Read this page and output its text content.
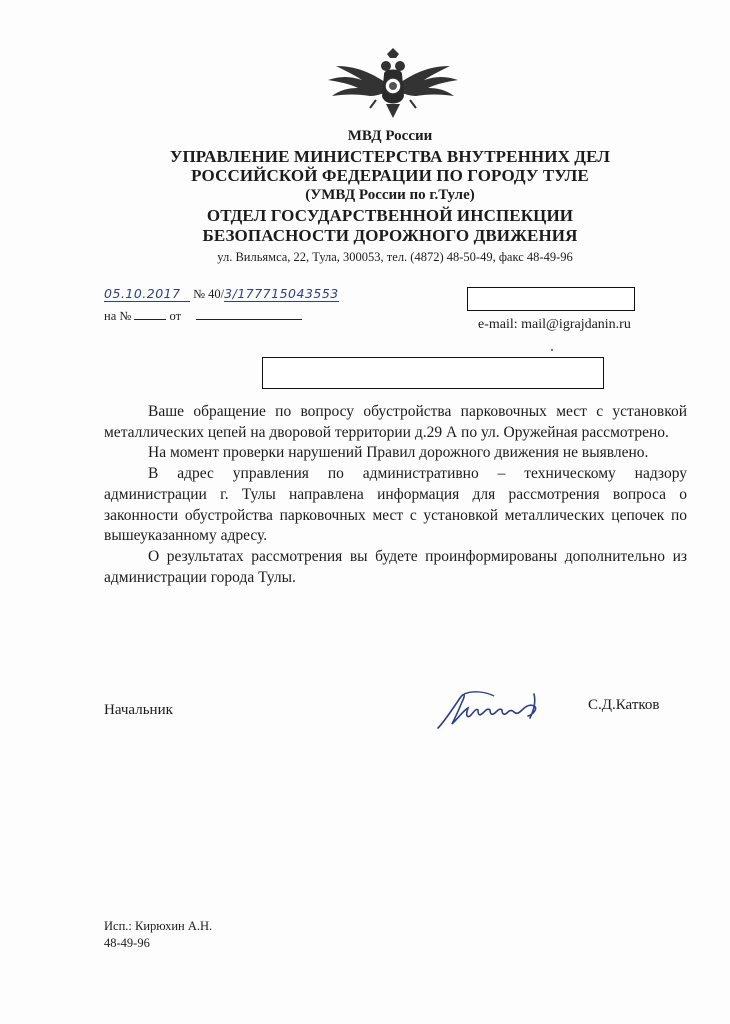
МВД России
УПРАВЛЕНИЕ МИНИСТЕРСТВА ВНУТРЕННИХ ДЕЛ
РОССИЙСКОЙ ФЕДЕРАЦИИ ПО ГОРОДУ ТУЛЕ
(УМВД России по г.Туле)
ОТДЕЛ ГОСУДАРСТВЕННОЙ ИНСПЕКЦИИ
БЕЗОПАСНОСТИ ДОРОЖНОГО ДВИЖЕНИЯ
ул. Вильямса, 22, Тула, 300053, тел. (4872) 48-50-49, факс 48-49-96
05.10.2017 № 40/3/177715043553
на №	от
e-mail: mail@igrajdanin.ru

Ваше обращение по вопросу обустройства парковочных мест с установкой металлических цепей на дворовой территории д.29 А по ул. Оружейная рассмотрено.

На момент проверки нарушений Правил дорожного движения не выявлено.

В адрес управления по административно – техническому надзору администрации г. Тулы направлена информация для рассмотрения вопроса о законности обустройства парковочных мест с установкой металлических цепочек по вышеуказанному адресу.

О результатах рассмотрения вы будете проинформированы дополнительно из администрации города Тулы.

Начальник	С.Д.Катков
Исп.: Кирюхин А.Н.
48-49-96
